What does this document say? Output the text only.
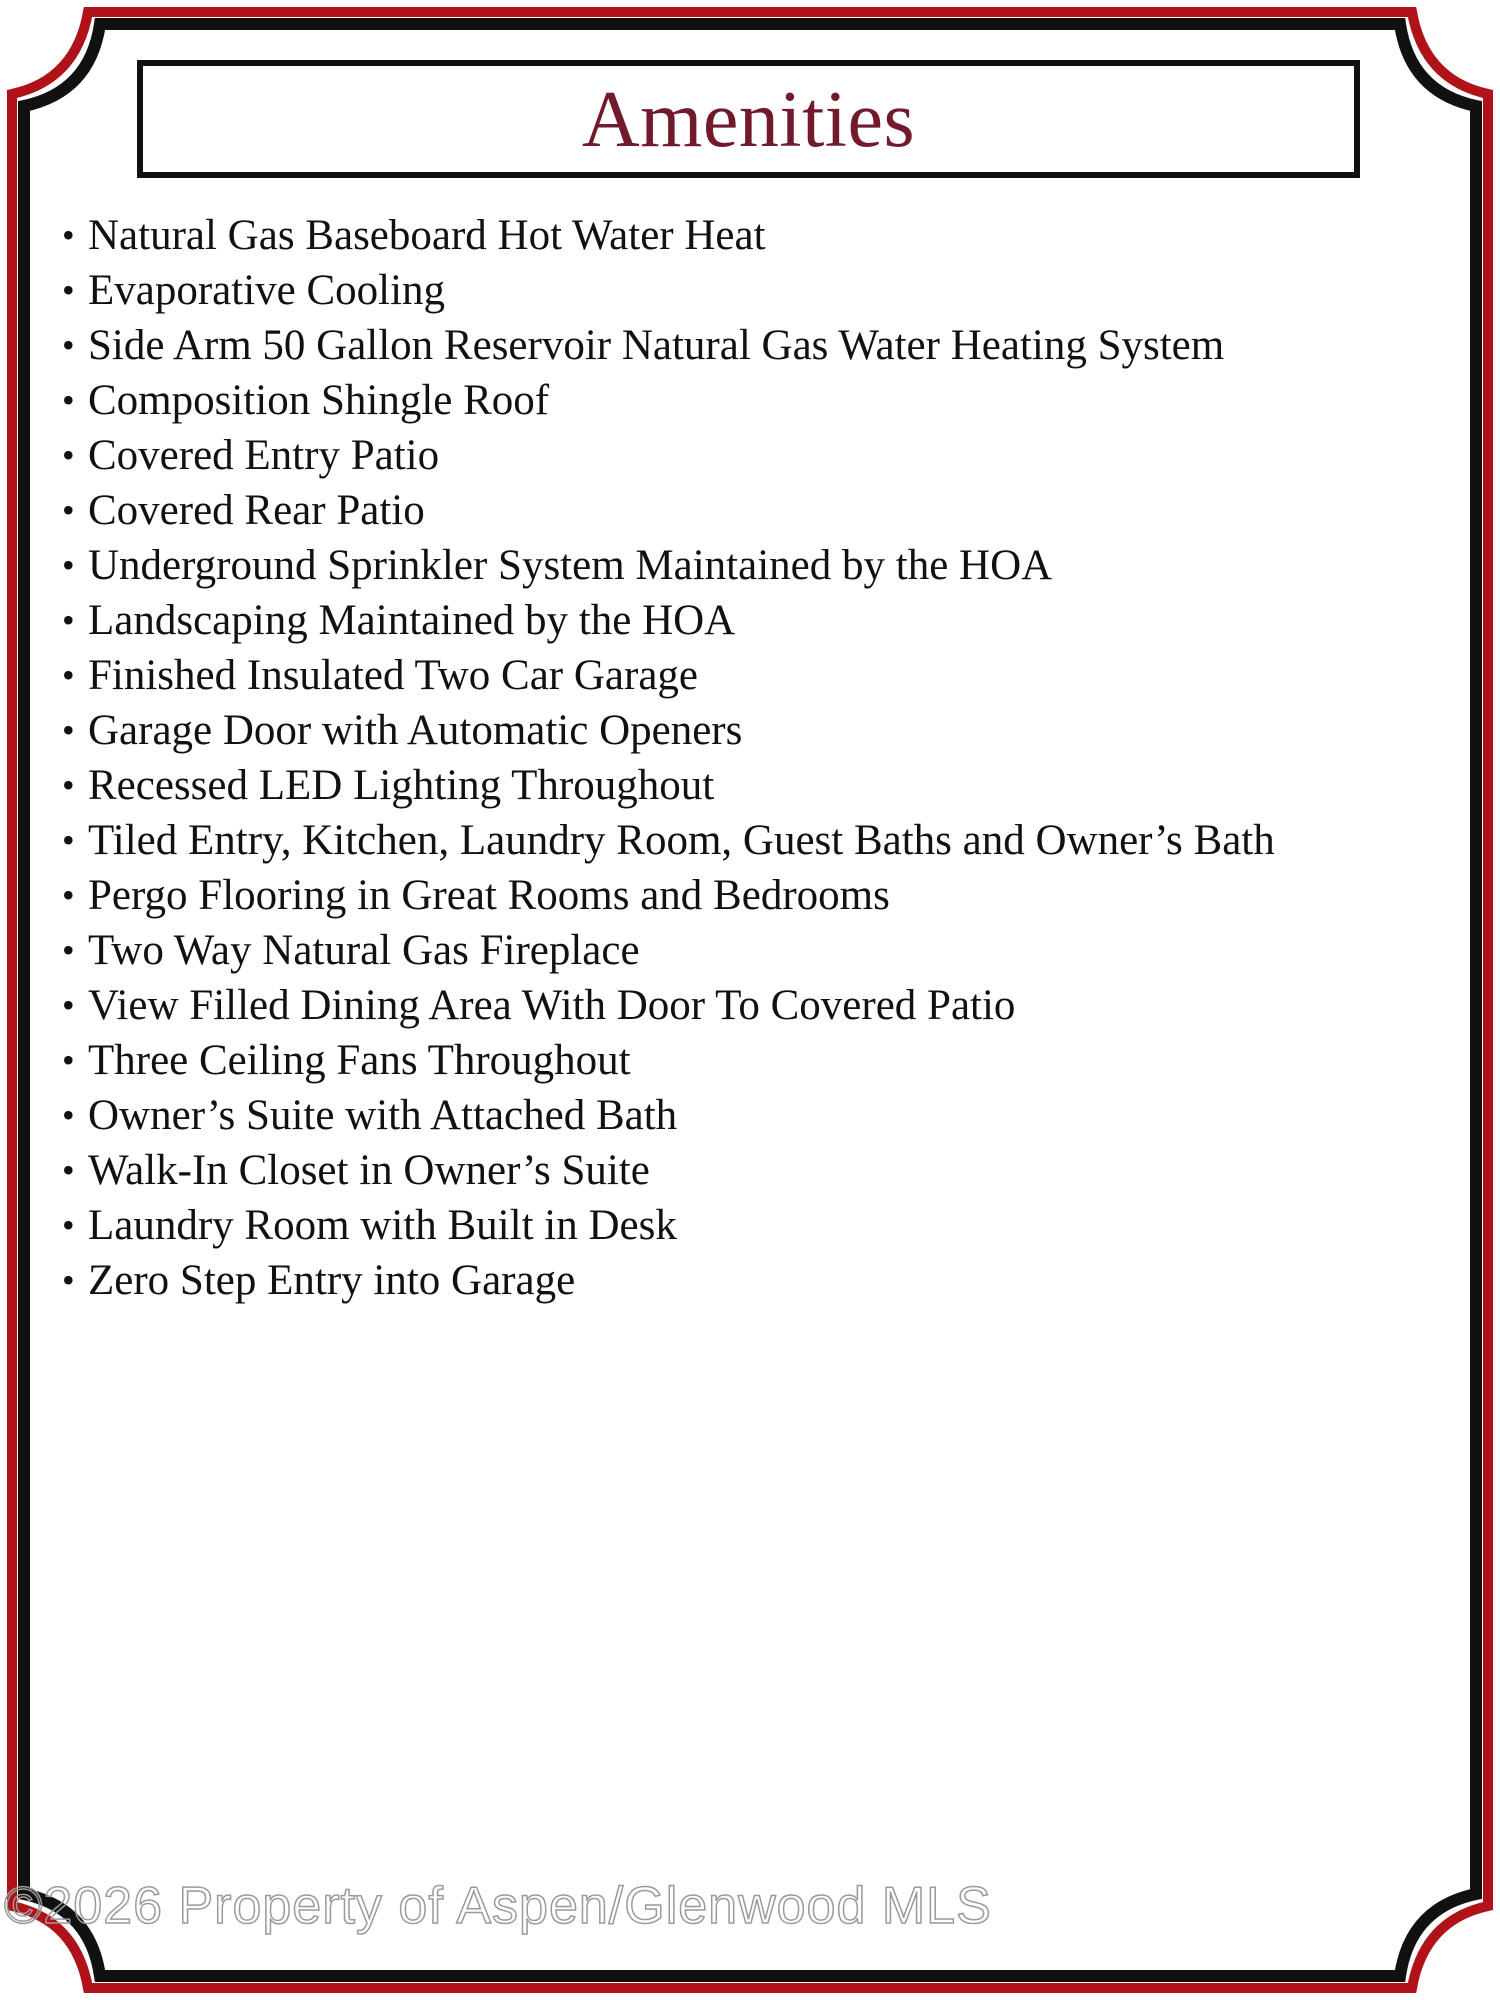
Amenities
• Natural Gas Baseboard Hot Water Heat
• Evaporative Cooling
• Side Arm 50 Gallon Reservoir Natural Gas Water Heating System
• Composition Shingle Roof
• Covered Entry Patio
• Covered Rear Patio
• Underground Sprinkler System Maintained by the HOA
• Landscaping Maintained by the HOA
• Finished Insulated Two Car Garage
• Garage Door with Automatic Openers
• Recessed LED Lighting Throughout
• Tiled Entry, Kitchen, Laundry Room, Guest Baths and Owner’s Bath
• Pergo Flooring in Great Rooms and Bedrooms
• Two Way Natural Gas Fireplace
• View Filled Dining Area With Door To Covered Patio
• Three Ceiling Fans Throughout
• Owner’s Suite with Attached Bath
• Walk-In Closet in Owner’s Suite
• Laundry Room with Built in Desk
• Zero Step Entry into Garage
©2026 Property of Aspen/Glenwood MLS
